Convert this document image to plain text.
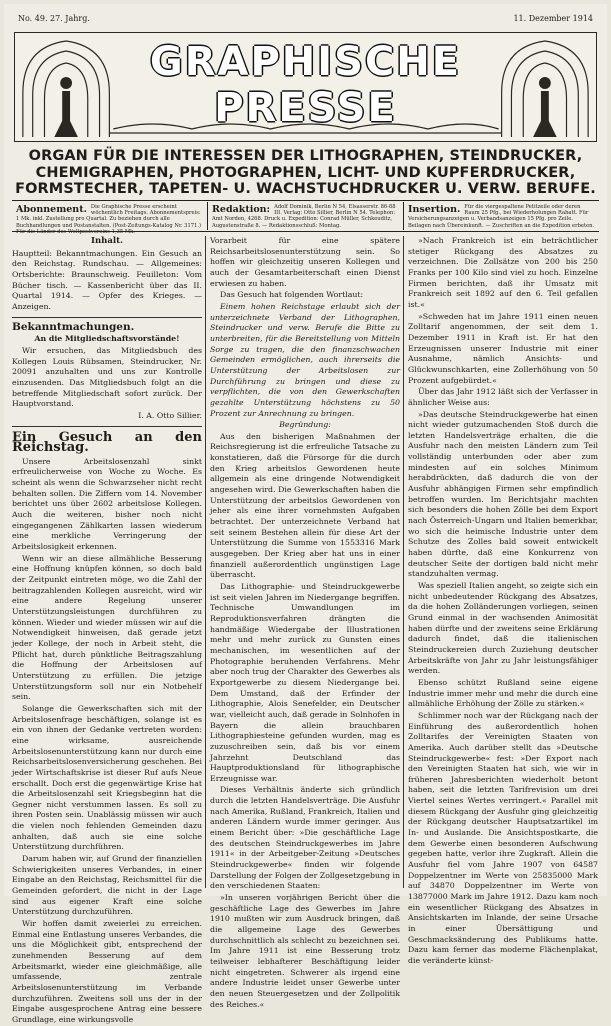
No. 49. 27. Jahrg.	11. Dezember 1914
GRAPHISCHE
PRESSE
ORGAN FÜR DIE INTERESSEN DER LITHOGRAPHEN, STEINDRUCKER,
CHEMIGRAPHEN, PHOTOGRAPHEN, LICHT- UND KUPFERDRUCKER,
FORMSTECHER, TAPETEN- U. WACHSTUCHDRUCKER U. VERW. BERUFE.
Abonnement. Die Graphische Presse erscheint wöchentlich Freitags. Abonnementspreis: 1 Mk. inkl. Zustellung pro Quartal. Zu beziehen durch alle Buchhandlungen und Postanstalten. (Post-Zeitungs-Katalog Nr. 3171.) Für die Länder des Weltpostvereins 1,35 Mk.
Redaktion: Adolf Dominik, Berlin N 54, Elsasserstr. 86-88 III. Verlag: Otto Sillier, Berlin N 54. Telephon: Amt Norden, 4268. Druck u. Expedition: Conrad Müller, Schkeuditz, Augustenstraße 8. — Redaktionsschluß: Montag.
Insertion. Für die viergespaltene Petitzeile oder deren Raum 25 Pfg., bei Wiederholungen Rabatt. Für Versicherungsanzeigen u. Verbandsanzeigen 15 Pfg. pro Zeile. Beilagen nach Übereinkunft. — Zuschriften an die Expedition erbeten.
Inhalt.

Hauptteil: Bekanntmachungen. Ein Gesuch an den Reichstag. Rundschau. — Allgemeines: Ortsberichte: Braunschweig. Feuilleton: Vom Bücher tisch. — Kassenbericht über das II. Quartal 1914. — Opfer des Krieges. — Anzeigen.

Bekanntmachungen.

An die Mitgliedschaftsvorstände!

Wir ersuchen, das Mitgliedsbuch des Kollegen Louis Rübsamen, Steindrucker, Nr. 20091 anzuhalten und uns zur Kontrolle einzusenden. Das Mitgliedsbuch folgt an die betreffende Mitgliedschaft sofort zurück. Der Hauptvorstand.

I. A. Otto Sillier.

Ein Gesuch an den Reichstag.

Unsere Arbeitslosenzahl sinkt erfreulicherweise von Woche zu Woche. Es scheint als wenn die Schwarzseher nicht recht behalten sollen. Die Ziffern vom 14. November berichtet uns über 2602 arbeitslose Kollegen. Auch die weiteren, bisher noch nicht eingegangenen Zählkarten lassen wiederum eine merkliche Verringerung der Arbeitslosigkeit erkennen.

Wenn wir an diese allmähliche Besserung eine Hoffnung knüpfen können, so doch bald der Zeitpunkt eintreten möge, wo die Zahl der beitragzahlenden Kollegen ausreicht, wird wir eine andere Regelung unserer Unterstützungsleistungen durchführen zu können. Wieder und wieder müssen wir auf die Notwendigkeit hinweisen, daß gerade jetzt jeder Kollege, der noch in Arbeit steht, die Pflicht hat, durch pünktliche Beitragszahlung die Hoffnung der Arbeitslosen auf Unterstützung zu erfüllen. Die jetzige Unterstützungsform soll nur ein Notbehelf sein.

Solange die Gewerkschaften sich mit der Arbeitslosenfrage beschäftigen, solange ist es ein von ihnen der Gedanke vertreten worden: eine wirksame, ausreichende Arbeitslosenunterstützung kann nur durch eine Reichsarbeitslosenversicherung geschehen. Bei jeder Wirtschaftskrise ist dieser Ruf aufs Neue erschallt. Doch erst die gegenwärtige Krise hat die Arbeitslosenzahl seit Kriegsbeginn hat die Gegner nicht verstummen lassen. Es soll zu ihren Posten sein. Unablässig müssen wir auch die vielen noch fehlenden Gemeinden dazu anhalten, daß auch sie eine solche Unterstützung durchführen.

Darum haben wir, auf Grund der finanziellen Schwierigkeiten unseres Verbandes, in einer Eingabe an den Reichstag, Reichsmittel für die Gemeinden gefordert, die nicht in der Lage sind aus eigener Kraft eine solche Unterstützung durchzuführen.

Wir hoffen damit zweierlei zu erreichen. Einmal eine Entlastung unseres Verbandes, die uns die Möglichkeit gibt, entsprechend der zunehmenden Besserung auf dem Arbeitsmarkt, wieder eine gleichmäßige, alle umfassende, zentrale Arbeitslosenunterstützung im Verbande durchzuführen. Zweitens soll uns der in der Eingabe ausgesprochene Antrag eine bessere Grundlage, eine wirkungsvolle

Vorarbeit für eine spätere Reichsarbeitslosenunterstützung sein. So hoffen wir gleichzeitig unseren Kollegen und auch der Gesamtarbeiterschaft einen Dienst erwiesen zu haben.

Das Gesuch hat folgenden Wortlaut:

Einem hohen Reichstage erlaubt sich der unterzeichnete Verband der Lithographen, Steindrucker und verw. Berufe die Bitte zu unterbreiten, für die Bereitstellung von Mitteln Sorge zu tragen, die den finanzschwachen Gemeinden ermöglichen, auch ihrerseits die Unterstützung der Arbeitslosen zur Durchführung zu bringen und diese zu verpflichten, die von den Gewerkschaften gezahlte Unterstützung höchstens zu 50 Prozent zur Anrechnung zu bringen.

Begründung:

Aus den bisherigen Maßnahmen der Reichsregierung ist die erfreuliche Tatsache zu konstatieren, daß die Fürsorge für die durch den Krieg arbeitslos Gewordenen heute allgemein als eine dringende Notwendigkeit angesehen wird. Die Gewerkschaften haben die Unterstützung der arbeitslos Gewordenen von jeher als eine ihrer vornehmsten Aufgaben betrachtet. Der unterzeichnete Verband hat seit seinem Bestehen allein für diese Art der Unterstützung die Summe von 1553316 Mark ausgegeben. Der Krieg aber hat uns in einer finanziell außerordentlich ungünstigen Lage überrascht.

Das Lithographie- und Steindruckgewerbe ist seit vielen Jahren im Niedergange begriffen. Technische Umwandlungen im Reproduktionsverfahren drängten die handmäßige Wiedergabe der Illustrationen mehr und mehr zurück zu Gunsten eines mechanischen, im wesentlichen auf der Photographie beruhenden Verfahrens. Mehr aber noch trug der Charakter des Gewerbes als Exportgewerbe zu diesem Niedergange bei. Dem Umstand, daß der Erfinder der Lithographie, Alois Senefelder, ein Deutscher war, vielleicht auch, daß gerade in Solnhofen in Bayern die allein brauchbaren Lithographiesteine gefunden wurden, mag es zuzuschreiben sein, daß bis vor einem Jahrzehnt Deutschland das Hauptproduktionsland für lithographische Erzeugnisse war.

Dieses Verhältnis änderte sich gründlich durch die letzten Handelsverträge. Die Ausfuhr nach Amerika, Rußland, Frankreich, Italien und anderen Ländern wurde immer geringer. Aus einem Bericht über: »Die geschäftliche Lage des deutschen Steindruckgewerbes im Jahre 1911« in der Arbeitgeber-Zeitung »Deutsches Steindruckgewerbe« finden wir folgende Darstellung der Folgen der Zollgesetzgebung in den verschiedenen Staaten:

»In unseren vorjährigen Bericht über die geschäftliche Lage des Gewerbes im Jahre 1910 mußten wir zum Ausdruck bringen, daß die allgemeine Lage des Gewerbes durchschnittlich als schlecht zu bezeichnen sei. Im Jahre 1911 ist eine Besserung trotz teilweiser lebhafterer Beschäftigung leider nicht eingetreten. Schwerer als irgend eine andere Industrie leidet unser Gewerbe unter den neuen Steuergesetzen und der Zollpolitik des Reiches.«

»Nach Frankreich ist ein beträchtlicher stetiger Rückgang des Absatzes zu verzeichnen. Die Zollsätze von 200 bis 250 Franks per 100 Kilo sind viel zu hoch. Einzelne Firmen berichten, daß ihr Umsatz mit Frankreich seit 1892 auf den 6. Teil gefallen ist.«

»Schweden hat im Jahre 1911 einen neuen Zolltarif angenommen, der seit dem 1. Dezember 1911 in Kraft ist. Er hat den Erzeugnissen unserer Industrie mit einer Ausnahme, nämlich Ansichts- und Glückwunschkarten, eine Zollerhöhung von 50 Prozent aufgebürdet.«

Über das Jahr 1912 läßt sich der Verfasser in ähnlicher Weise aus:

»Das deutsche Steindruckgewerbe hat einen nicht wieder gutzumachenden Stoß durch die letzten Handelsverträge erhalten, die die Ausfuhr nach den meisten Ländern zum Teil vollständig unterbunden oder aber zum mindesten auf ein solches Minimum herabdrückten, daß dadurch die von der Ausfuhr abhängigen Firmen sehr empfindlich betroffen wurden. Im Berichtsjahr machten sich besonders die hohen Zölle bei dem Export nach Österreich-Ungarn und Italien bemerkbar, wo sich die heimische Industrie unter dem Schutze des Zolles bald soweit entwickelt haben dürfte, daß eine Konkurrenz von deutscher Seite der dortigen bald nicht mehr standzuhalten vermag.

Was speziell Italien angeht, so zeigte sich ein nicht unbedeutender Rückgang des Absatzes, da die hohen Zolländerungen vorliegen, seinen Grund einmal in der wachsenden Animosität haben dürfte und der zweitens seine Erklärung dadurch findet, daß die italienischen Steindruckereien durch Zuziehung deutscher Arbeitskräfte von Jahr zu Jahr leistungsfähiger werden.

Ebenso schützt Rußland seine eigene Industrie immer mehr und mehr die durch eine allmähliche Erhöhung der Zölle zu stärken.«

Schlimmer noch war der Rückgang nach der Einführung des außerordentlich hohen Zolltarifes der Vereinigten Staaten von Amerika. Auch darüber stellt das »Deutsche Steindruckgewerbe« fest: »Der Export nach den Vereinigten Staaten hat sich, wie wir in früheren Jahresberichten wiederholt betont haben, seit die letzten Tarifrevision um drei Viertel seines Wertes verringert.« Parallel mit diesem Rückgang der Ausfuhr ging gleichzeitig der Rückgang deutscher Hauptsatzartikel im In- und Auslande. Die Ansichtspostkarte, die dem Gewerbe einen besonderen Aufschwung gegeben hatte, verlor ihre Zugkraft. Allein die Ausfuhr fiel vom Jahre 1907 von 64587 Doppelzentner im Werte von 25835000 Mark auf 34870 Doppelzentner im Werte von 13877000 Mark im Jahre 1912. Dazu kam noch ein wesentlicher Rückgang des Absatzes in Ansichtskarten im Inlande, der seine Ursache in einer Übersättigung und Geschmacksänderung des Publikums hatte. Dazu kam ferner das moderne Flächenplakat, die veränderte künst-
